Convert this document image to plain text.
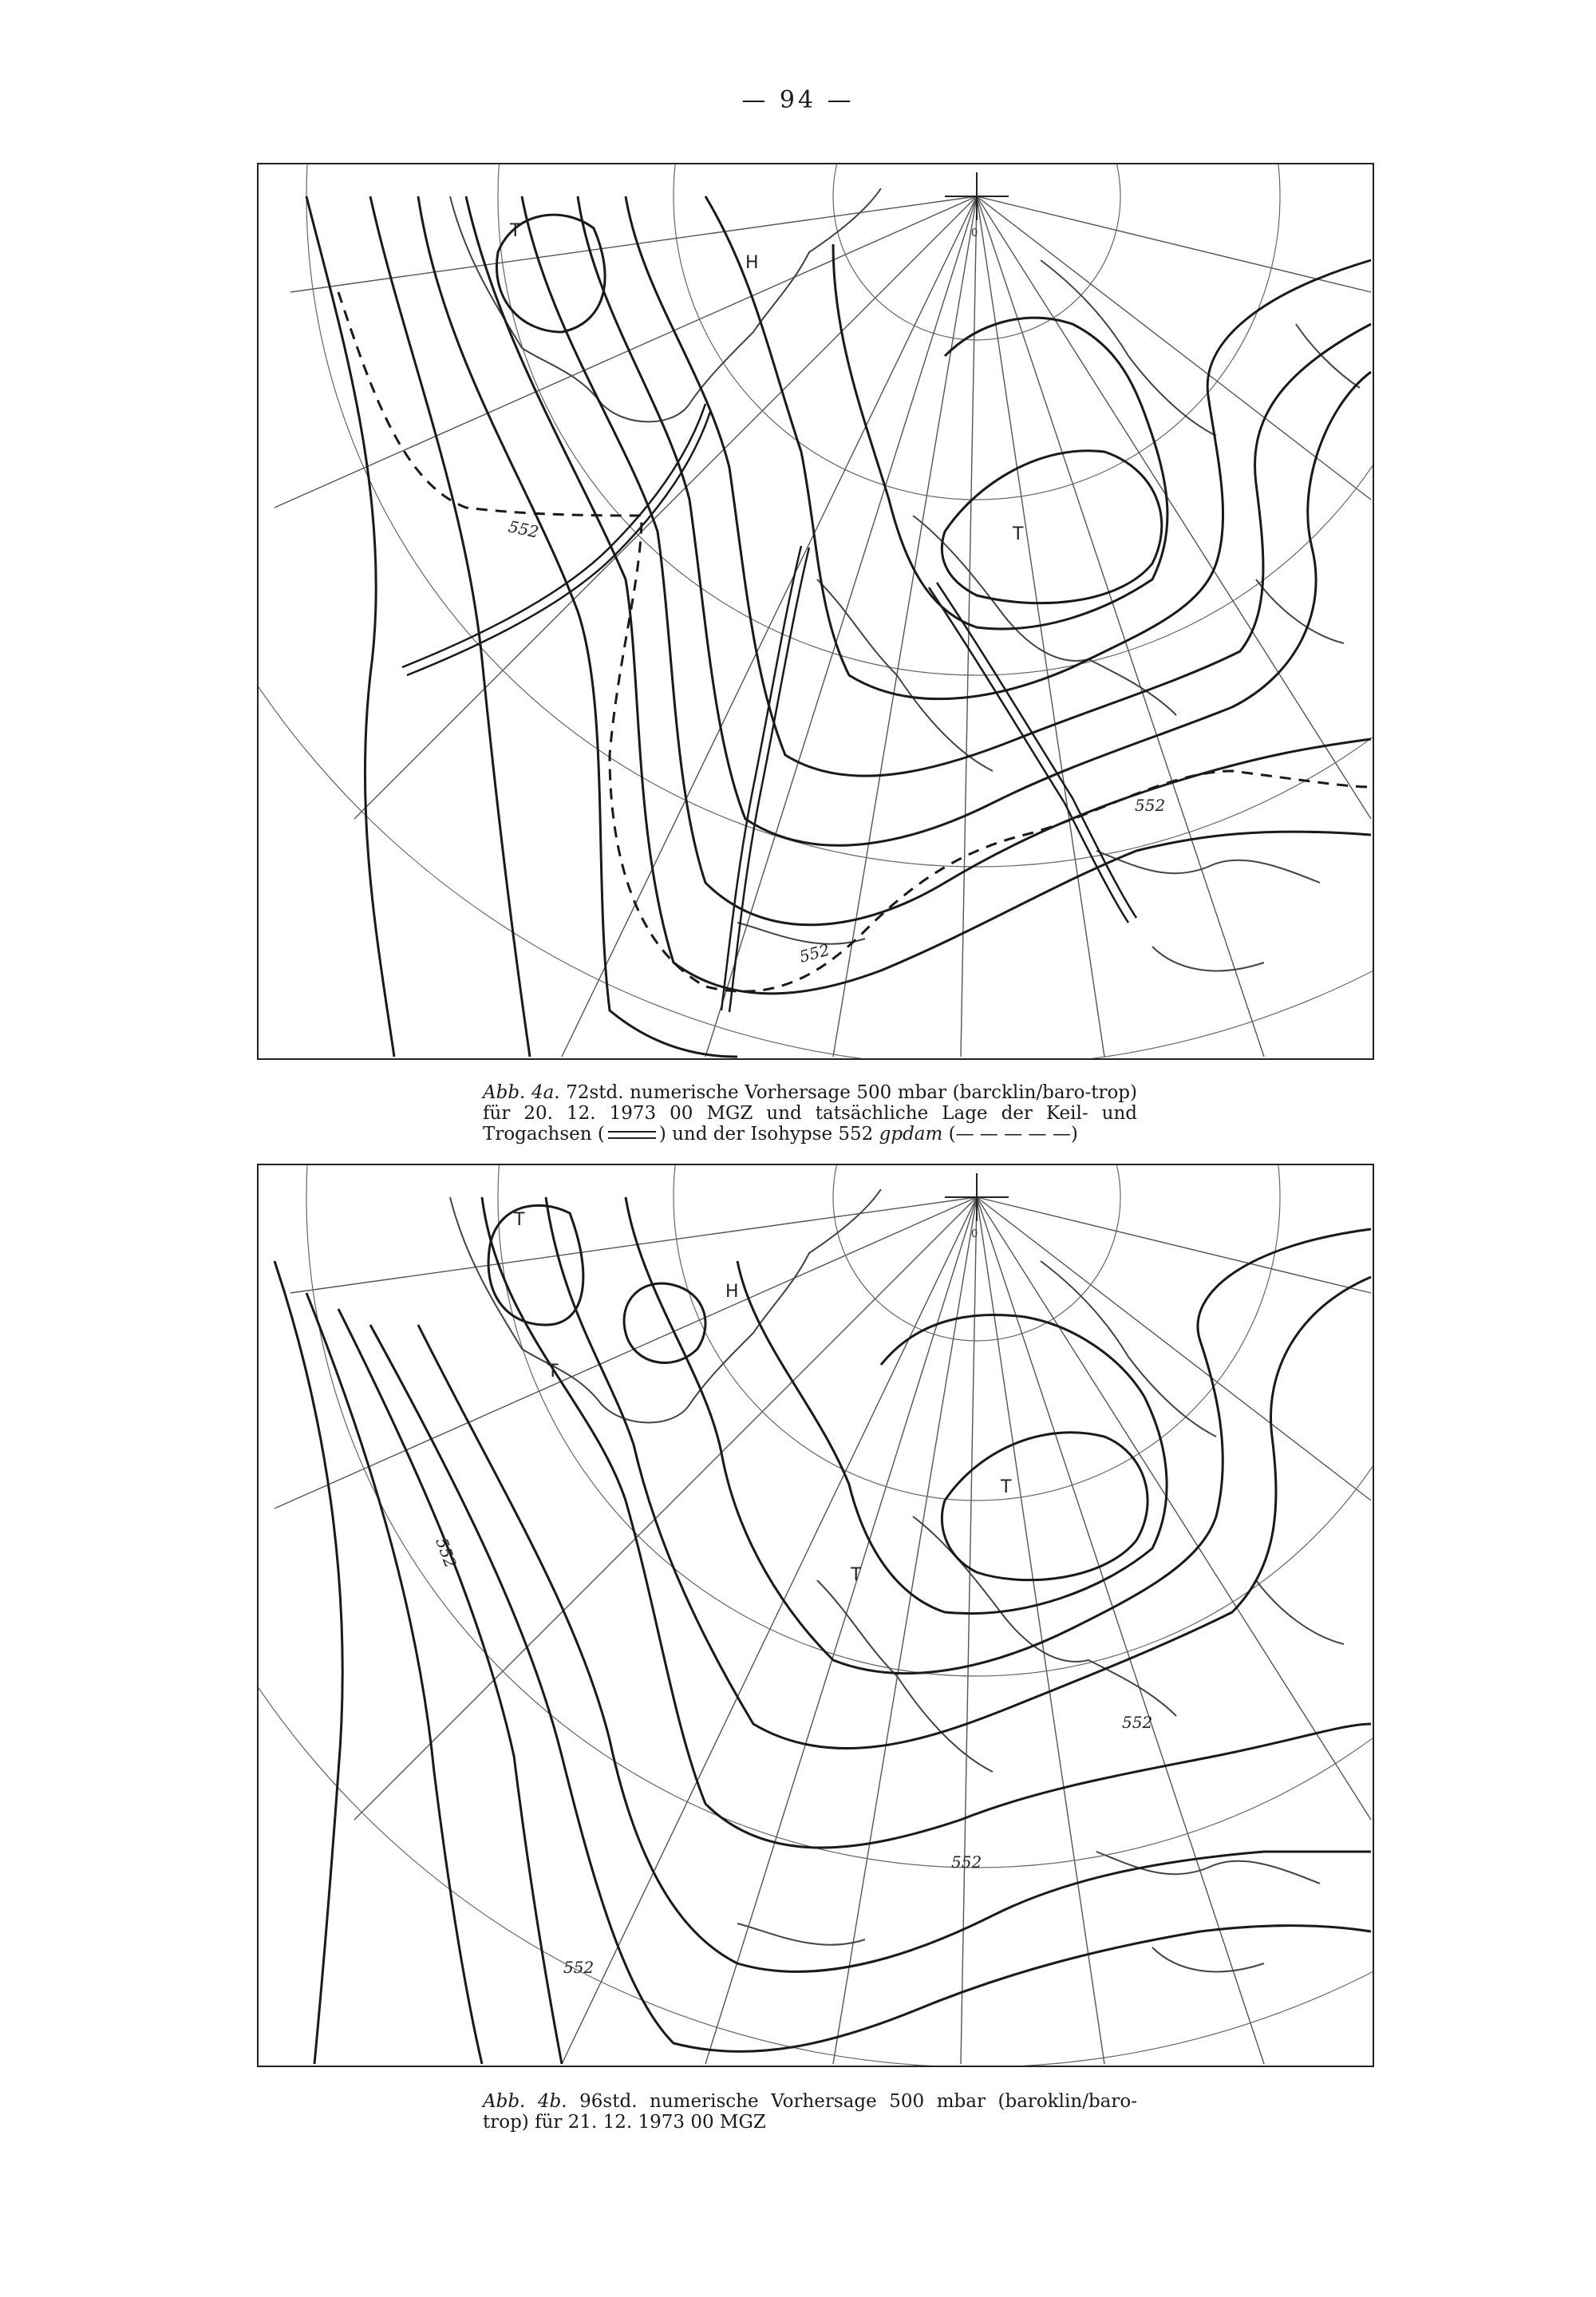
— 94 —
T
H
T
0
552
552
552
Abb. 4a. 72std. numerische Vorhersage 500 mbar (barcklin/baro-trop) für 20. 12. 1973 00 MGZ und tatsächliche Lage der Keil- und Trogachsen (	) und der Isohypse 552 gpdam (— — — — —)
T
H
T
T
T
0
552
552
552
552
Abb. 4b. 96std. numerische Vorhersage 500 mbar (baroklin/baro-trop) für 21. 12. 1973 00 MGZ
